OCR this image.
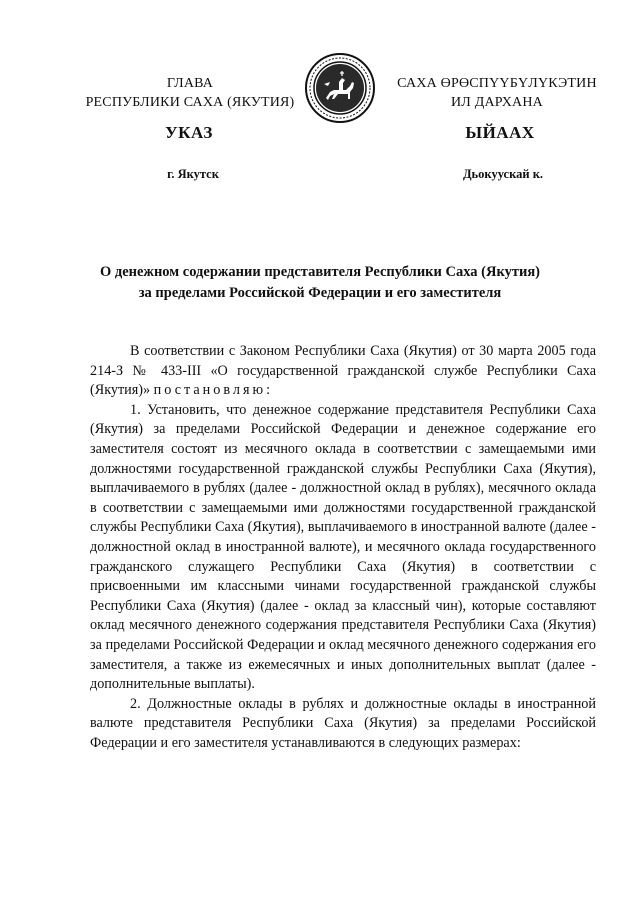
ГЛАВА
РЕСПУБЛИКИ САХА (ЯКУТИЯ)
САХА ӨРӨСПҮҮБҮЛҮКЭТИН
ИЛ ДАРХАНА
УКАЗ	ЫЙААХ
г. Якутск	Дьокуускай к.
О денежном содержании представителя Республики Саха (Якутия)
за пределами Российской Федерации и его заместителя

В соответствии с Законом Республики Саха (Якутия) от 30 марта 2005 года 214-З № 433-III «О государственной гражданской службе Республики Саха (Якутия)» постановляю:

1. Установить, что денежное содержание представителя Республики Саха (Якутия) за пределами Российской Федерации и денежное содержание его заместителя состоят из месячного оклада в соответствии с замещаемыми ими должностями государственной гражданской службы Республики Саха (Якутия), выплачиваемого в рублях (далее - должностной оклад в рублях), месячного оклада в соответствии с замещаемыми ими должностями государственной гражданской службы Республики Саха (Якутия), выплачиваемого в иностранной валюте (далее - должностной оклад в иностранной валюте), и месячного оклада государственного гражданского служащего Республики Саха (Якутия) в соответствии с присвоенными им классными чинами государственной гражданской службы Республики Саха (Якутия) (далее - оклад за классный чин), которые составляют оклад месячного денежного содержания представителя Республики Саха (Якутия) за пределами Российской Федерации и оклад месячного денежного содержания его заместителя, а также из ежемесячных и иных дополнительных выплат (далее - дополнительные выплаты).

2. Должностные оклады в рублях и должностные оклады в иностранной валюте представителя Республики Саха (Якутия) за пределами Российской Федерации и его заместителя устанавливаются в следующих размерах:
